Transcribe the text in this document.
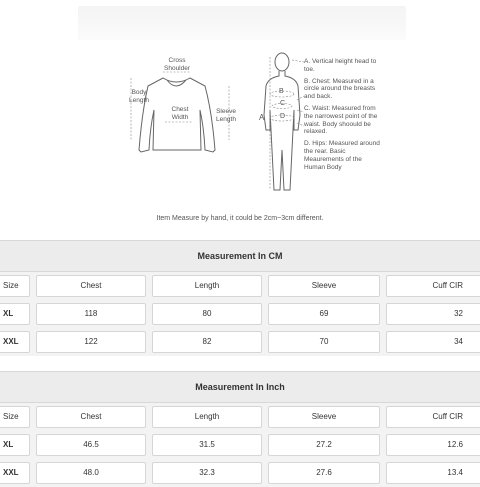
Cross
Shoulder
Body
Length
Chest
Width
Sleeve
Length	A
B
C
D

A. Vertical height head to toe.

B. Chest: Measured in a circle around the breasts and back.

C. Waist: Measured from the narrowest point of the waist. Body shoould be relaxed.

D. Hips: Measured around the rear. Basic Meaurements of the Human Body

Item Measure by hand, it could be 2cm~3cm different.
Measurement In CM
Size	Chest	Length	Sleeve	Cuff CIR
XL	118	80	69	32
XXL	122	82	70	34
Measurement In Inch
Size	Chest	Length	Sleeve	Cuff CIR
XL	46.5	31.5	27.2	12.6
XXL	48.0	32.3	27.6	13.4
